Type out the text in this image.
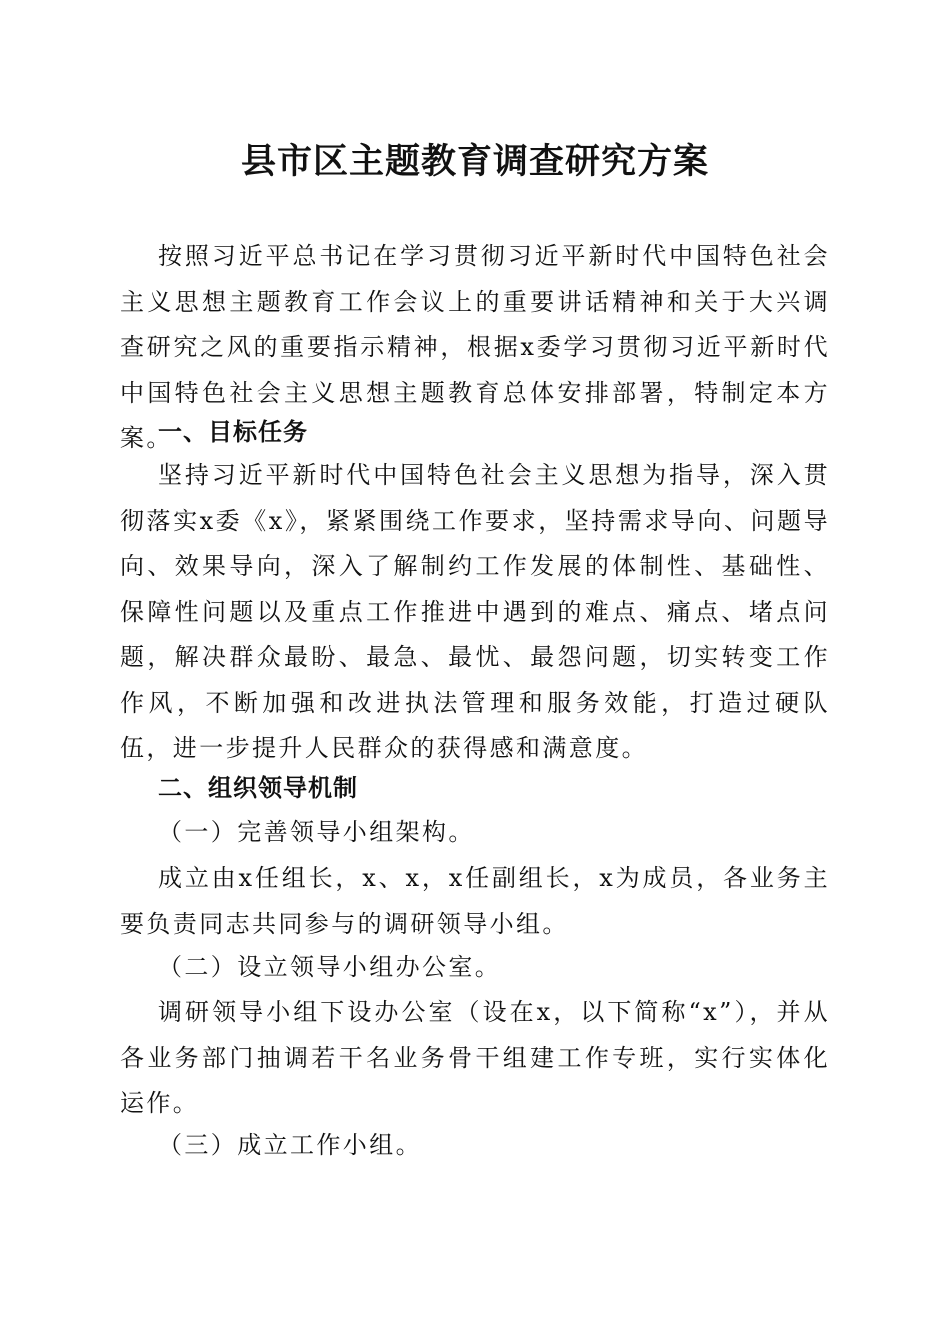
县市区主题教育调查研究方案

按照习近平总书记在学习贯彻习近平新时代中国特色社会主义思想主题教育工作会议上的重要讲话精神和关于大兴调查研究之风的重要指示精神，根据x委学习贯彻习近平新时代中国特色社会主义思想主题教育总体安排部署，特制定本方案。

一、目标任务

坚持习近平新时代中国特色社会主义思想为指导，深入贯彻落实x委《x》，紧紧围绕工作要求，坚持需求导向、问题导向、效果导向，深入了解制约工作发展的体制性、基础性、保障性问题以及重点工作推进中遇到的难点、痛点、堵点问题，解决群众最盼、最急、最忧、最怨问题，切实转变工作作风，不断加强和改进执法管理和服务效能，打造过硬队伍，进一步提升人民群众的获得感和满意度。

二、组织领导机制

（一）完善领导小组架构。

成立由x任组长，x、x，x任副组长，x为成员，各业务主要负责同志共同参与的调研领导小组。

（二）设立领导小组办公室。

调研领导小组下设办公室（设在x，以下简称“x”），并从各业务部门抽调若干名业务骨干组建工作专班，实行实体化运作。

（三）成立工作小组。
